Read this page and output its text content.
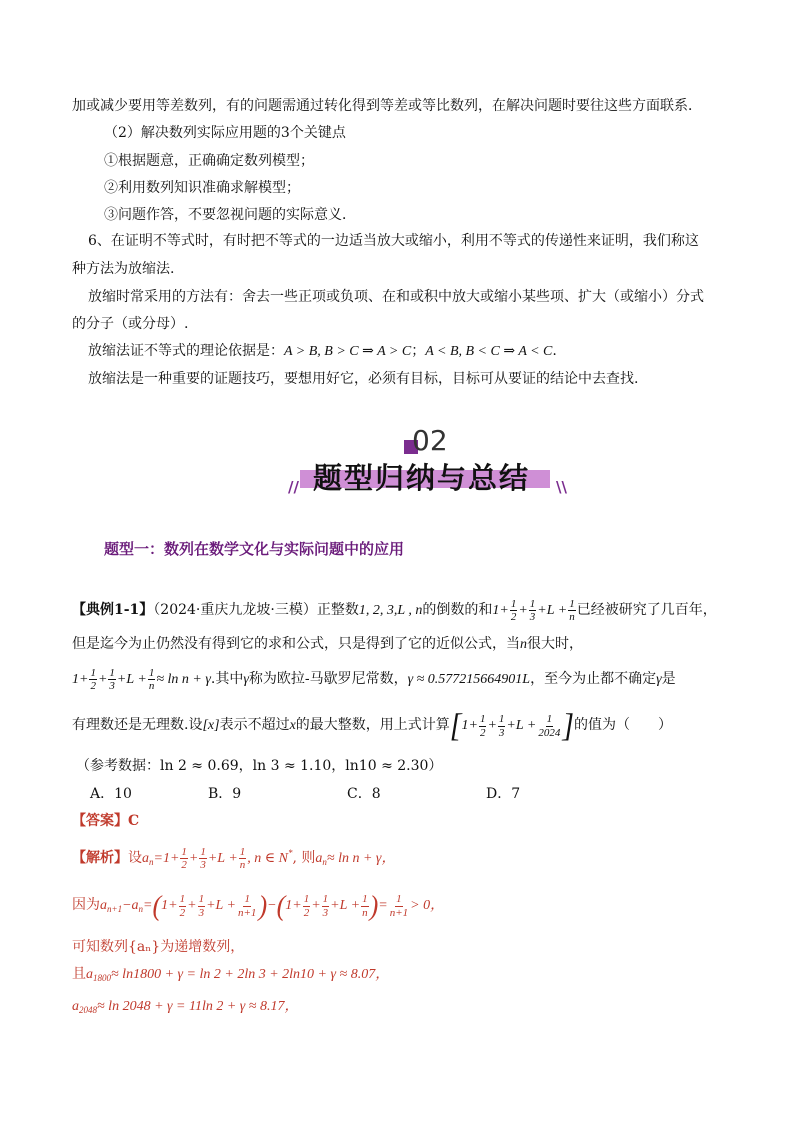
加或减少要用等差数列，有的问题需通过转化得到等差或等比数列，在解决问题时要往这些方面联系．
（2）解决数列实际应用题的3个关键点
①根据题意，正确确定数列模型；
②利用数列知识准确求解模型；
③问题作答，不要忽视问题的实际意义．
6、在证明不等式时，有时把不等式的一边适当放大或缩小，利用不等式的传递性来证明，我们称这
种方法为放缩法.
放缩时常采用的方法有：舍去一些正项或负项、在和或积中放大或缩小某些项、扩大（或缩小）分式
的分子（或分母）.
放缩法证不等式的理论依据是：A > B, B > C ⇒ A > C；A < B, B < C ⇒ A < C.
放缩法是一种重要的证题技巧，要想用好它，必须有目标，目标可从要证的结论中去查找.
02
题型归纳与总结
//	\\
题型一：数列在数学文化与实际问题中的应用
【典例1-1】（2024·重庆九龙坡·三模）正整数1, 2, 3,L , n的倒数的和$1+ \frac{1}{2} + \frac{1}{3} +L + \frac{1}{n}$ 已经被研究了几百年，
但是迄今为止仍然没有得到它的求和公式，只是得到了它的近似公式，当n很大时，
$1+ \frac{1}{2} + \frac{1}{3} +L + \frac{1}{n} \approx \ln n + \gamma$.其中γ称为欧拉-马歇罗尼常数，γ ≈ 0.577215664901L，至今为止都不确定γ是
有理数还是无理数.设[x]表示不超过x的最大整数，用上式计算[$1+ \frac{1}{2} + \frac{1}{3} +L + \frac{1}{2024}$ ]的值为（　　）
（参考数据：ln 2 ≈ 0.69，ln 3 ≈ 1.10，ln10 ≈ 2.30）
A．10	B．9	C．8	D．7
【答案】C
【解析】设$a_n=1+ \frac{1}{2} + \frac{1}{3} +L + \frac{1}{n}$ , n ∈ N*, 则$a_n\approx \ln n + \gamma$，
因为$a_{n+1}-a_n=(1+ \frac{1}{2} + \frac{1}{3} +L + \frac{1}{n+1} )-(1+ \frac{1}{2} + \frac{1}{3} +L + \frac{1}{n}$ )= $\frac{1}{n+1} > 0$，
可知数列{aₙ}为递增数列，
且$a_{1800}\approx \ln 1800 + \gamma = \ln 2 + 2\ln$ 3 + 2ln10 + γ ≈ 8.07，
$a_{2048}\approx \ln 2048 + \gamma = 11\ln$ 2 + γ ≈ 8.17，
